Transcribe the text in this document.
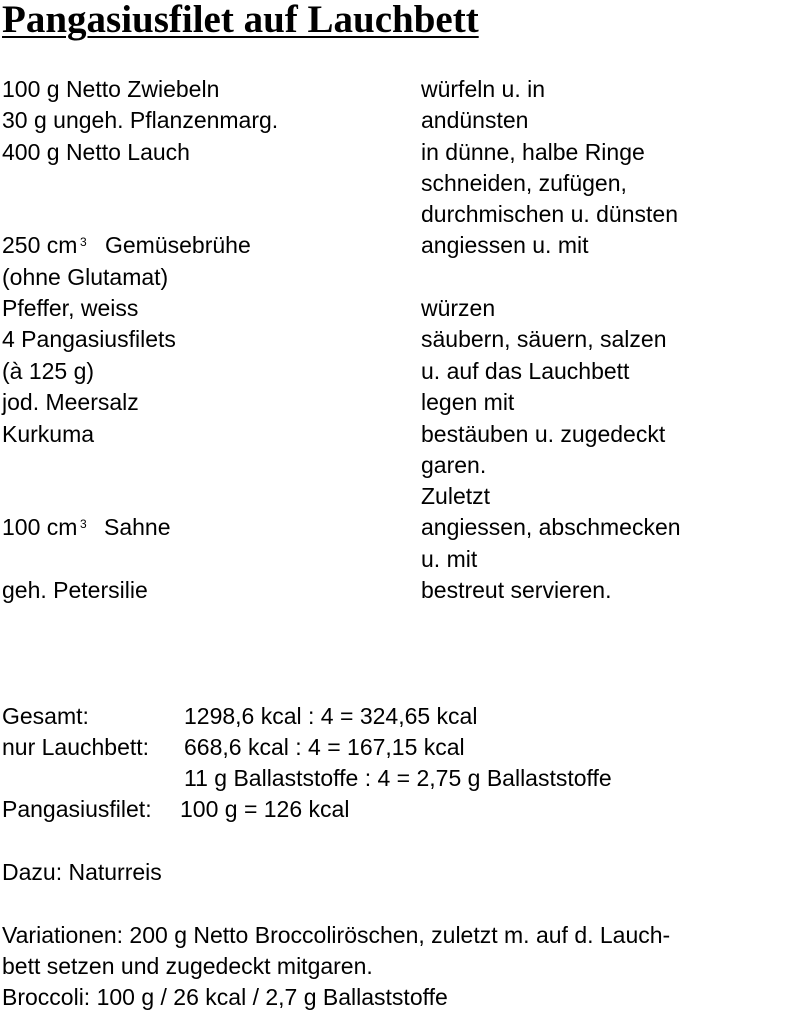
Pangasiusfilet auf Lauchbett
100 g Netto Zwiebeln
30 g ungeh. Pflanzenmarg.
400 g Netto Lauch
250 cm 3 Gemüsebrühe
(ohne Glutamat)
Pfeffer, weiss
4 Pangasiusfilets
(à 125 g)
jod. Meersalz
Kurkuma
100 cm 3 Sahne
geh. Petersilie
würfeln u. in
andünsten
in dünne, halbe Ringe
schneiden, zufügen,
durchmischen u. dünsten
angiessen u. mit
würzen
säubern, säuern, salzen
u. auf das Lauchbett
legen mit
bestäuben u. zugedeckt
garen.
Zuletzt
angiessen, abschmecken
u. mit
bestreut servieren.
Gesamt:	1298,6 kcal : 4 = 324,65 kcal
nur Lauchbett: 668,6 kcal : 4 = 167,15 kcal
11 g Ballaststoffe : 4 = 2,75 g Ballaststoffe
Pangasiusfilet: 100 g = 126 kcal
Dazu: Naturreis
Variationen: 200 g Netto Broccoliröschen, zuletzt m. auf d. Lauch-
bett setzen und zugedeckt mitgaren.
Broccoli: 100 g / 26 kcal / 2,7 g Ballaststoffe
